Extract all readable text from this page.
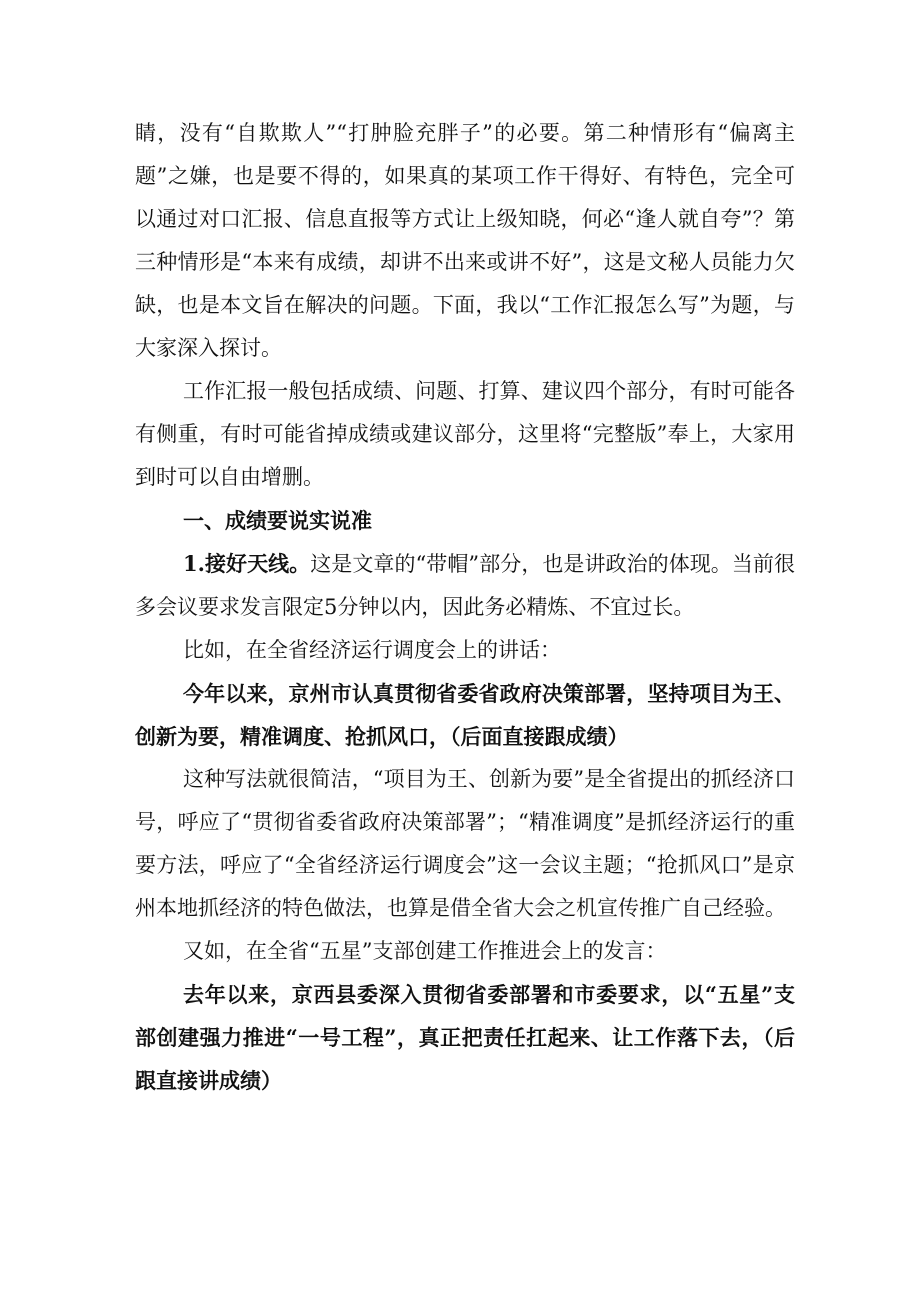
睛，没有“自欺欺人”“打肿脸充胖子”的必要。第二种情形有“偏离主题”之嫌，也是要不得的，如果真的某项工作干得好、有特色，完全可以通过对口汇报、信息直报等方式让上级知晓，何必“逢人就自夸”？第三种情形是“本来有成绩，却讲不出来或讲不好”，这是文秘人员能力欠缺，也是本文旨在解决的问题。下面，我以“工作汇报怎么写”为题，与大家深入探讨。

工作汇报一般包括成绩、问题、打算、建议四个部分，有时可能各有侧重，有时可能省掉成绩或建议部分，这里将“完整版”奉上，大家用到时可以自由增删。

一、成绩要说实说准

1.接好天线。这是文章的“带帽”部分，也是讲政治的体现。当前很多会议要求发言限定5分钟以内，因此务必精炼、不宜过长。

比如，在全省经济运行调度会上的讲话：

今年以来，京州市认真贯彻省委省政府决策部署，坚持项目为王、创新为要，精准调度、抢抓风口，（后面直接跟成绩）

这种写法就很简洁，“项目为王、创新为要”是全省提出的抓经济口号，呼应了“贯彻省委省政府决策部署”；“精准调度”是抓经济运行的重要方法，呼应了“全省经济运行调度会”这一会议主题；“抢抓风口”是京州本地抓经济的特色做法，也算是借全省大会之机宣传推广自己经验。

又如，在全省“五星”支部创建工作推进会上的发言：

去年以来，京西县委深入贯彻省委部署和市委要求，以“五星”支部创建强力推进“一号工程”，真正把责任扛起来、让工作落下去，（后跟直接讲成绩）
